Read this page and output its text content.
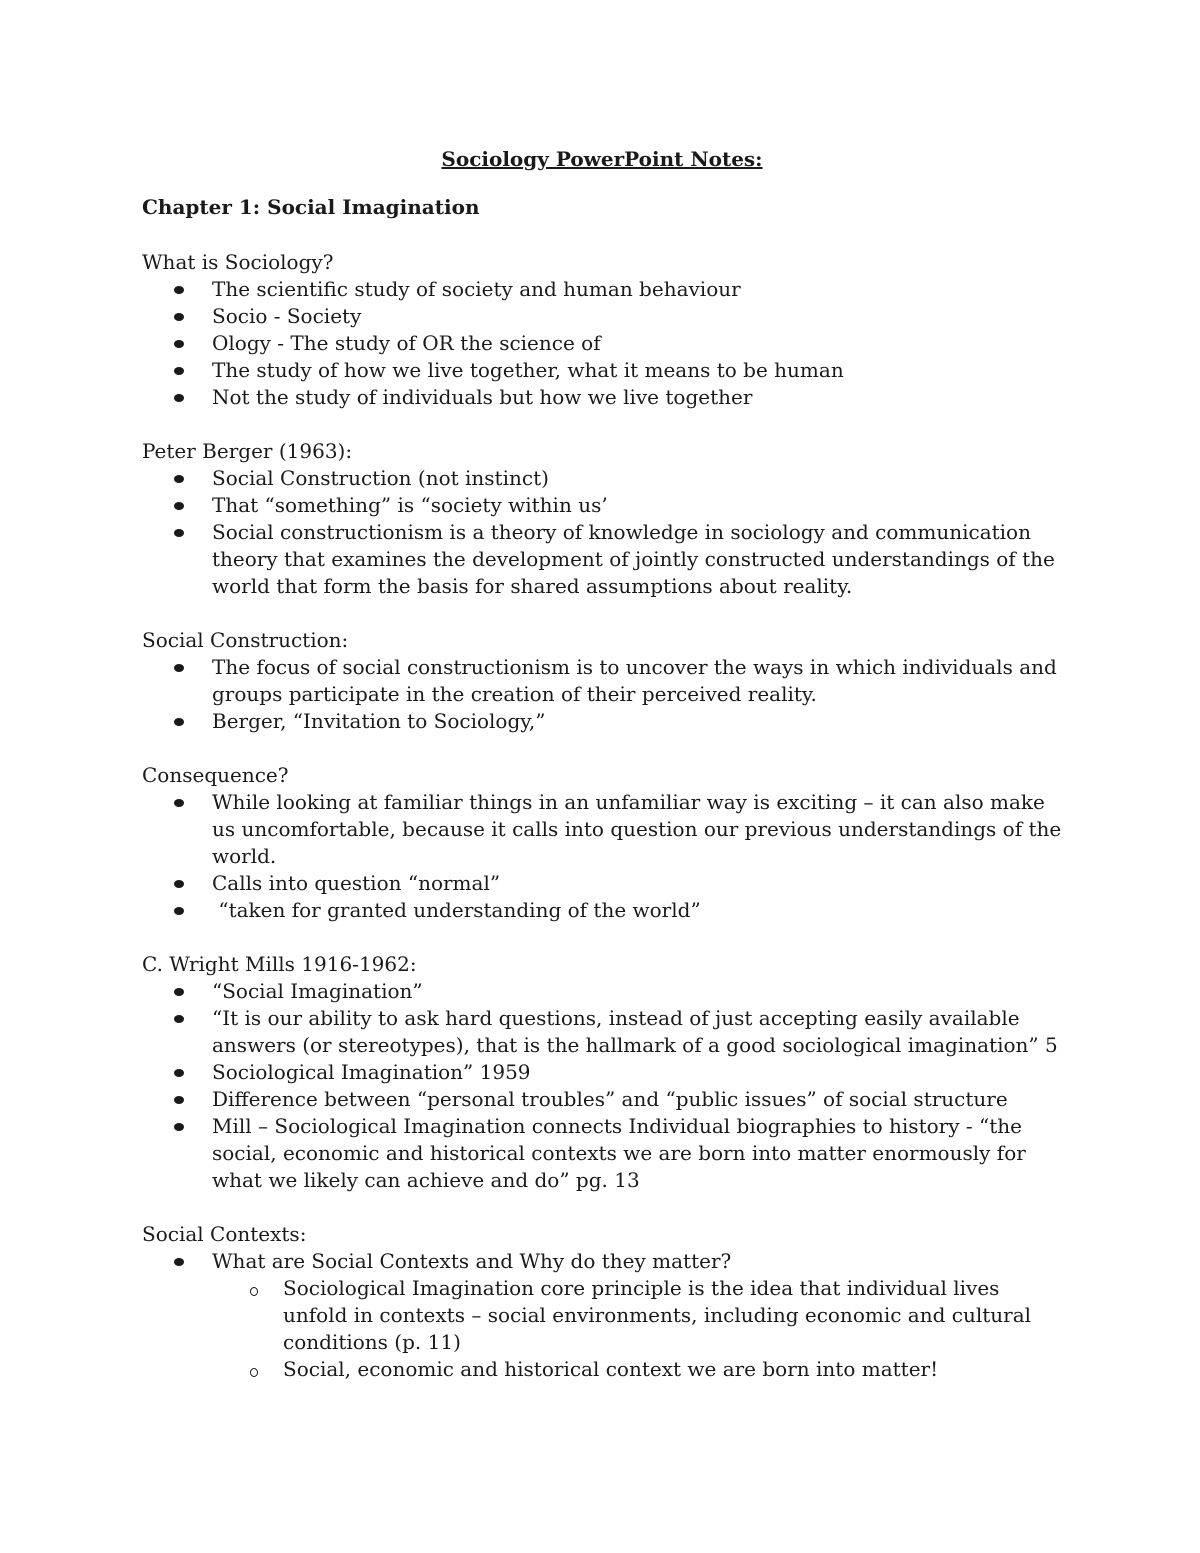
Sociology PowerPoint Notes:
Chapter 1: Social Imagination

What is Sociology?

The scientific study of society and human behaviour
Socio - Society
Ology - The study of OR the science of
The study of how we live together, what it means to be human
Not the study of individuals but how we live together

Peter Berger (1963):

Social Construction (not instinct)
That “something” is “society within us’
Social constructionism is a theory of knowledge in sociology and communication theory that examines the development of jointly constructed understandings of the world that form the basis for shared assumptions about reality.

Social Construction:

The focus of social constructionism is to uncover the ways in which individuals and groups participate in the creation of their perceived reality.
Berger, “Invitation to Sociology,”

Consequence?

While looking at familiar things in an unfamiliar way is exciting – it can also make us uncomfortable, because it calls into question our previous understandings of the world.
Calls into question “normal”
“taken for granted understanding of the world”

C. Wright Mills 1916-1962:

“Social Imagination”
“It is our ability to ask hard questions, instead of just accepting easily available answers (or stereotypes), that is the hallmark of a good sociological imagination” 5
Sociological Imagination” 1959
Difference between “personal troubles” and “public issues” of social structure
Mill – Sociological Imagination connects Individual biographies to history - “the social, economic and historical contexts we are born into matter enormously for what we likely can achieve and do” pg. 13

Social Contexts:

What are Social Contexts and Why do they matter?
Sociological Imagination core principle is the idea that individual lives unfold in contexts – social environments, including economic and cultural conditions (p. 11)
Social, economic and historical context we are born into matter!
